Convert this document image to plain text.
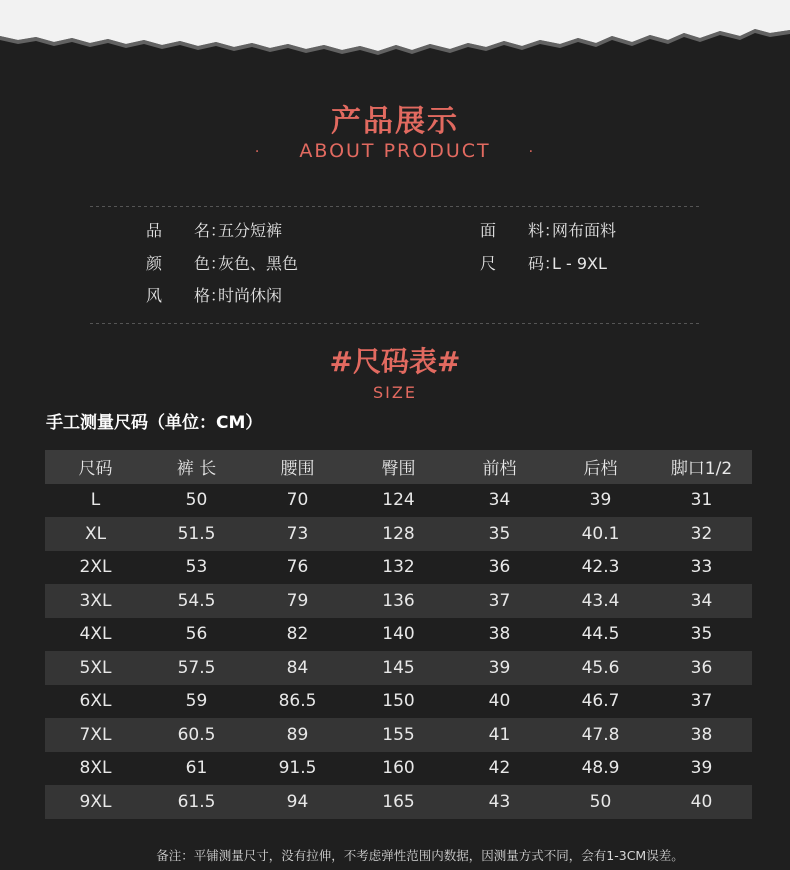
产品展示
· ABOUT PRODUCT	·
品　　名：五分短裤	面　　料：网布面料
颜　　色：灰色、黑色	尺　　码：L - 9XL
风　　格：时尚休闲
#尺码表#
SIZE
手工测量尺码（单位：CM）
尺码	裤 长	腰围	臀围	前档	后档	脚口1/2
L	50	70	124	34	39	31
XL	51.5	73	128	35	40.1	32
2XL	53	76	132	36	42.3	33
3XL	54.5	79	136	37	43.4	34
4XL	56	82	140	38	44.5	35
5XL	57.5	84	145	39	45.6	36
6XL	59	86.5	150	40	46.7	37
7XL	60.5	89	155	41	47.8	38
8XL	61	91.5	160	42	48.9	39
9XL	61.5	94	165	43	50	40
备注：平铺测量尺寸，没有拉伸，不考虑弹性范围内数据，因测量方式不同，会有1-3CM误差。
